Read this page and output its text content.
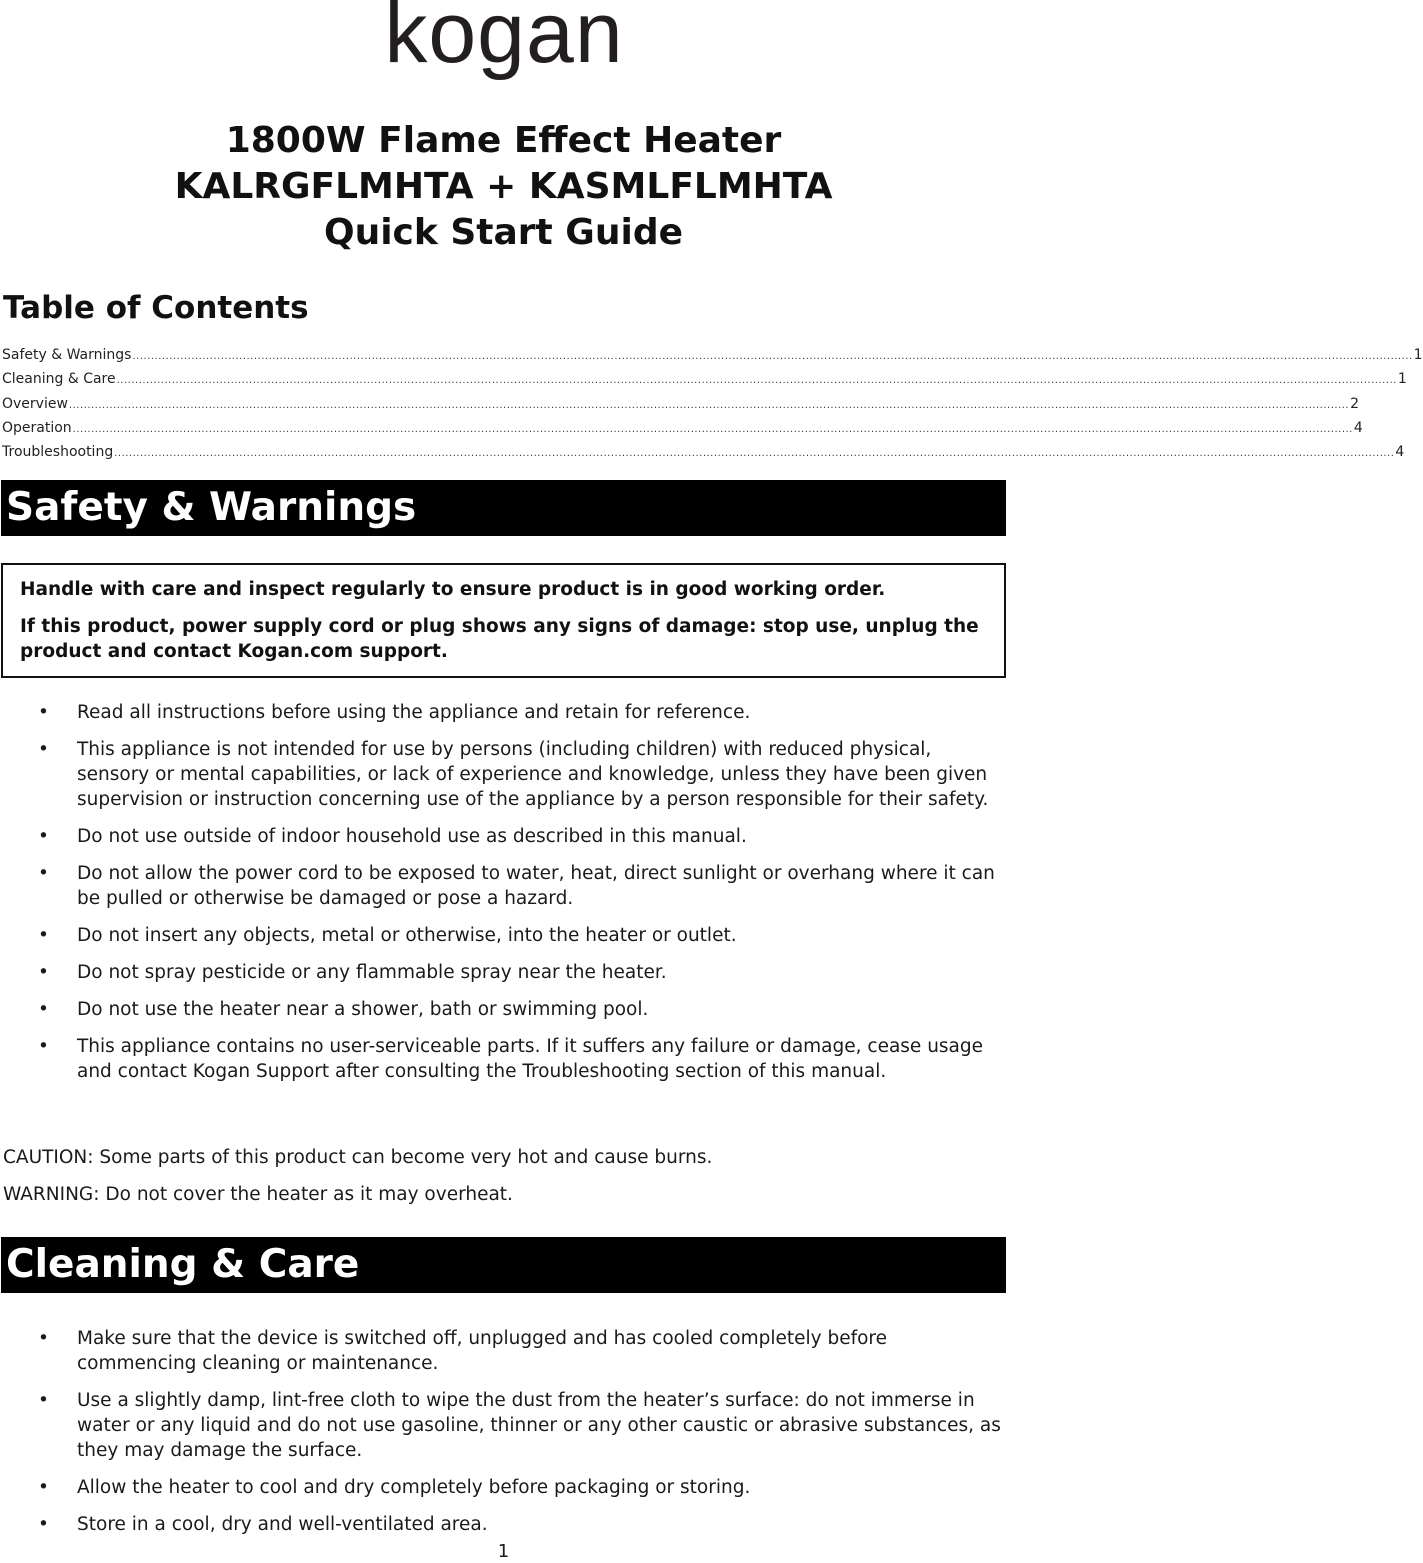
kogan
1800W Flame Effect Heater
KALRGFLMHTA + KASMLFLMHTA
Quick Start Guide
Table of Contents
Safety & Warnings ............................................................................................................................................................................................................................................................................................................................................................ 1
Cleaning & Care ............................................................................................................................................................................................................................................................................................................................................................ 1
Overview ............................................................................................................................................................................................................................................................................................................................................................ 2
Operation ............................................................................................................................................................................................................................................................................................................................................................ 4
Troubleshooting ............................................................................................................................................................................................................................................................................................................................................................ 4
Safety & Warnings

Handle with care and inspect regularly to ensure product is in good working order.

If this product, power supply cord or plug shows any signs of damage: stop use, unplug the product and contact Kogan.com support.

• Read all instructions before using the appliance and retain for reference.
• This appliance is not intended for use by persons (including children) with reduced physical, sensory or mental capabilities, or lack of experience and knowledge, unless they have been given supervision or instruction concerning use of the appliance by a person responsible for their safety.
• Do not use outside of indoor household use as described in this manual.
• Do not allow the power cord to be exposed to water, heat, direct sunlight or overhang where it can be pulled or otherwise be damaged or pose a hazard.
• Do not insert any objects, metal or otherwise, into the heater or outlet.
• Do not spray pesticide or any flammable spray near the heater.
• Do not use the heater near a shower, bath or swimming pool.
• This appliance contains no user-serviceable parts. If it suffers any failure or damage, cease usage and contact Kogan Support after consulting the Troubleshooting section of this manual.
CAUTION: Some parts of this product can become very hot and cause burns.
WARNING: Do not cover the heater as it may overheat.
Cleaning & Care
• Make sure that the device is switched off, unplugged and has cooled completely before commencing cleaning or maintenance.
• Use a slightly damp, lint-free cloth to wipe the dust from the heater’s surface: do not immerse in water or any liquid and do not use gasoline, thinner or any other caustic or abrasive substances, as they may damage the surface.
• Allow the heater to cool and dry completely before packaging or storing.
• Store in a cool, dry and well-ventilated area.
1
